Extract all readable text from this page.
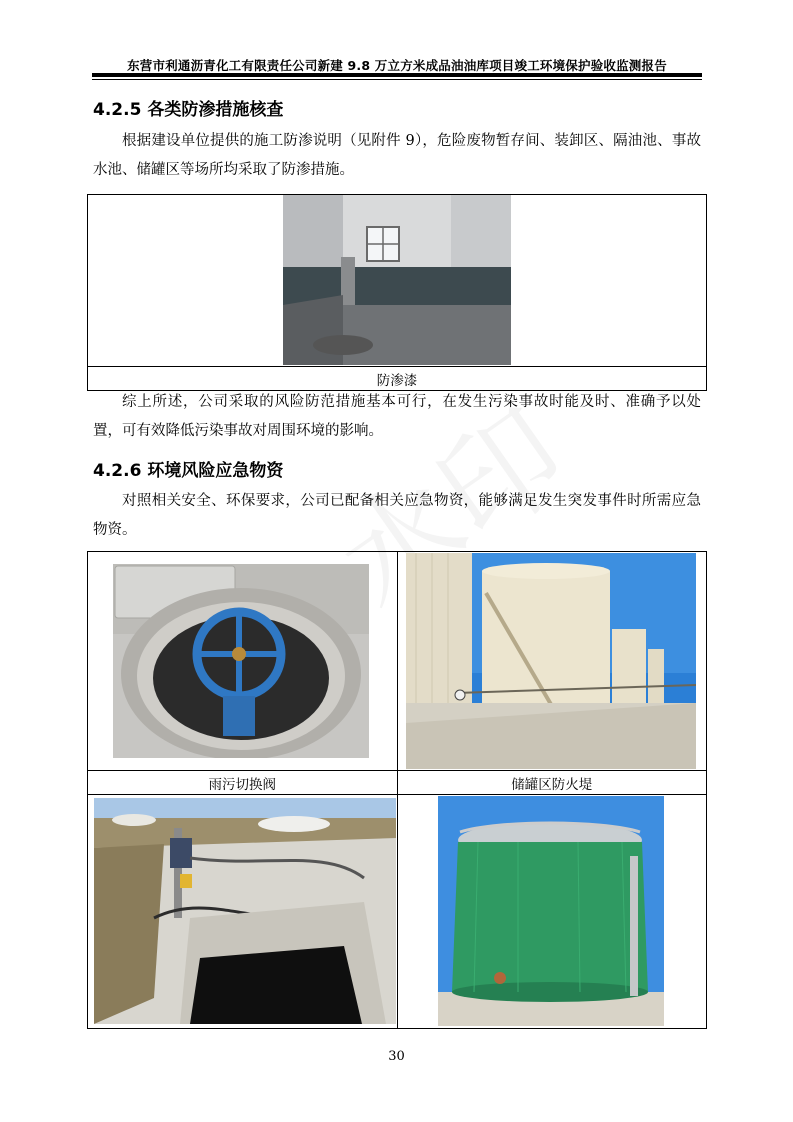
东营市利通沥青化工有限责任公司新建 9.8 万立方米成品油油库项目竣工环境保护验收监测报告
4.2.5 各类防渗措施核查
根据建设单位提供的施工防渗说明（见附件 9），危险废物暂存间、装卸区、隔油池、事故水池、储罐区等场所均采取了防渗措施。

防渗漆
综上所述，公司采取的风险防范措施基本可行，在发生污染事故时能及时、准确予以处置，可有效降低污染事故对周围环境的影响。
4.2.6 环境风险应急物资
对照相关安全、环保要求，公司已配备相关应急物资，能够满足发生突发事件时所需应急物资。

雨污切换阀	储罐区防火堤

30
